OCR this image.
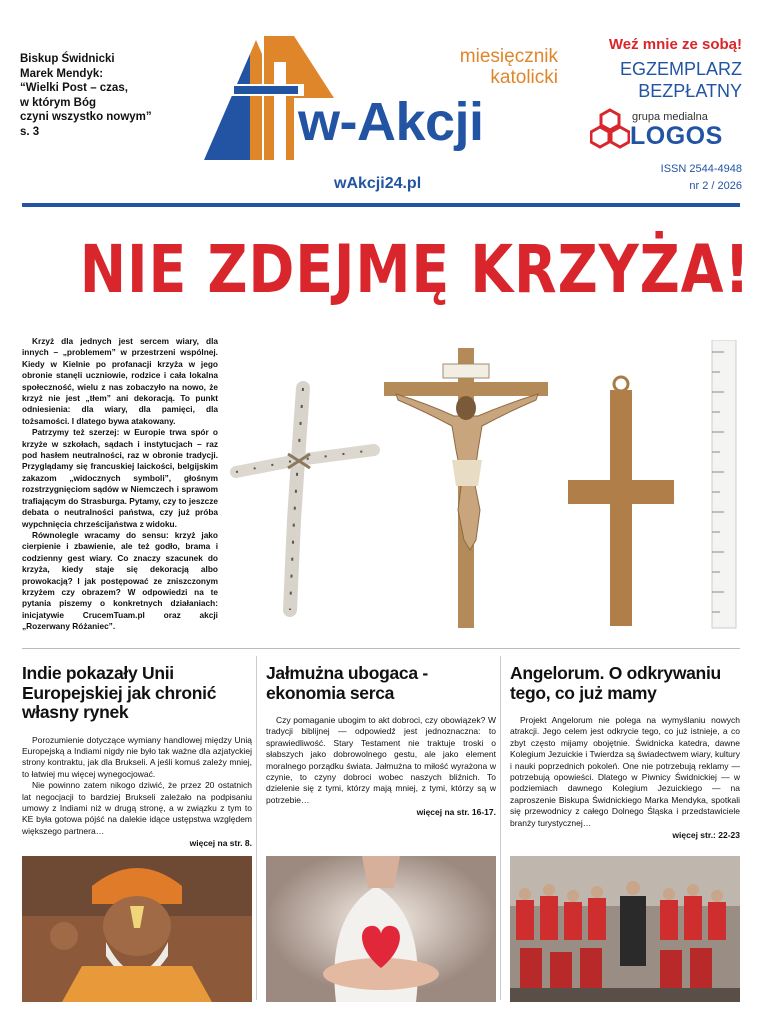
Biskup Świdnicki
Marek Mendyk:
“Wielki Post – czas,
w którym Bóg
czyni wszystko nowym”
s. 3
miesięcznik
katolicki
w-Akcji
wAkcji24.pl
Weź mnie ze sobą!
EGZEMPLARZ
BEZPŁATNY
grupa medialna
LOGOS
ISSN 2544-4948
nr 2 / 2026
NIE ZDEJMĘ KRZYŻA!

Krzyż dla jednych jest sercem wiary, dla innych – „problemem” w przestrzeni wspólnej. Kiedy w Kielnie po profanacji krzyża w jego obronie stanęli uczniowie, rodzice i cała lokalna społeczność, wielu z nas zobaczyło na nowo, że krzyż nie jest „tłem” ani dekoracją. To punkt odniesienia: dla wiary, dla pamięci, dla tożsamości. I dlatego bywa atakowany.

Patrzymy też szerzej: w Europie trwa spór o krzyże w szkołach, sądach i instytucjach – raz pod hasłem neutralności, raz w obronie tradycji. Przyglądamy się francuskiej laickości, belgijskim zakazom „widocznych symboli”, głośnym rozstrzygnięciom sądów w Niemczech i sprawom trafiającym do Strasburga. Pytamy, czy to jeszcze debata o neutralności państwa, czy już próba wypchnięcia chrześcijaństwa z widoku.

Równolegle wracamy do sensu: krzyż jako cierpienie i zbawienie, ale też godło, brama i codzienny gest wiary. Co znaczy szacunek do krzyża, kiedy staje się dekoracją albo prowokacją? I jak postępować ze zniszczonym krzyżem czy obrazem? W odpowiedzi na te pytania piszemy o konkretnych działaniach: inicjatywie CrucemTuam.pl oraz akcji „Rozerwany Różaniec”.

Indie pokazały Unii Europejskiej jak chronić własny rynek

Porozumienie dotyczące wymiany handlowej między Unią Europejską a Indiami nigdy nie było tak ważne dla azjatyckiej strony kontraktu, jak dla Brukseli. A jeśli komuś zależy mniej, to łatwiej mu więcej wynegocjować.

Nie powinno zatem nikogo dziwić, że przez 20 ostatnich lat negocjacji to bardziej Brukseli zależało na podpisaniu umowy z Indiami niż w drugą stronę, a w związku z tym to KE była gotowa pójść na dalekie idące ustępstwa względem większego partnera…

więcej na str. 8.
Jałmużna ubogaca - ekonomia serca

Czy pomaganie ubogim to akt dobroci, czy obowiązek? W tradycji biblijnej — odpowiedź jest jednoznaczna: to sprawiedliwość. Stary Testament nie traktuje troski o słabszych jako dobrowolnego gestu, ale jako element moralnego porządku świata. Jałmużna to miłość wyrażona w czynie, to czyny dobroci wobec naszych bliźnich. To dzielenie się z tymi, którzy mają mniej, z tymi, którzy są w potrzebie…

więcej na str. 16-17.
Angelorum. O odkrywaniu tego, co już mamy

Projekt Angelorum nie polega na wymyślaniu nowych atrakcji. Jego celem jest odkrycie tego, co już istnieje, a co zbyt często mijamy obojętnie. Świdnicka katedra, dawne Kolegium Jezuickie i Twierdza są świadectwem wiary, kultury i nauki poprzednich pokoleń. One nie potrzebują reklamy — potrzebują opowieści. Dlatego w Piwnicy Świdnickiej — w podziemiach dawnego Kolegium Jezuickiego — na zaproszenie Biskupa Świdnickiego Marka Mendyka, spotkali się przewodnicy z całego Dolnego Śląska i przedstawiciele branży turystycznej…

więcej str.: 22-23
